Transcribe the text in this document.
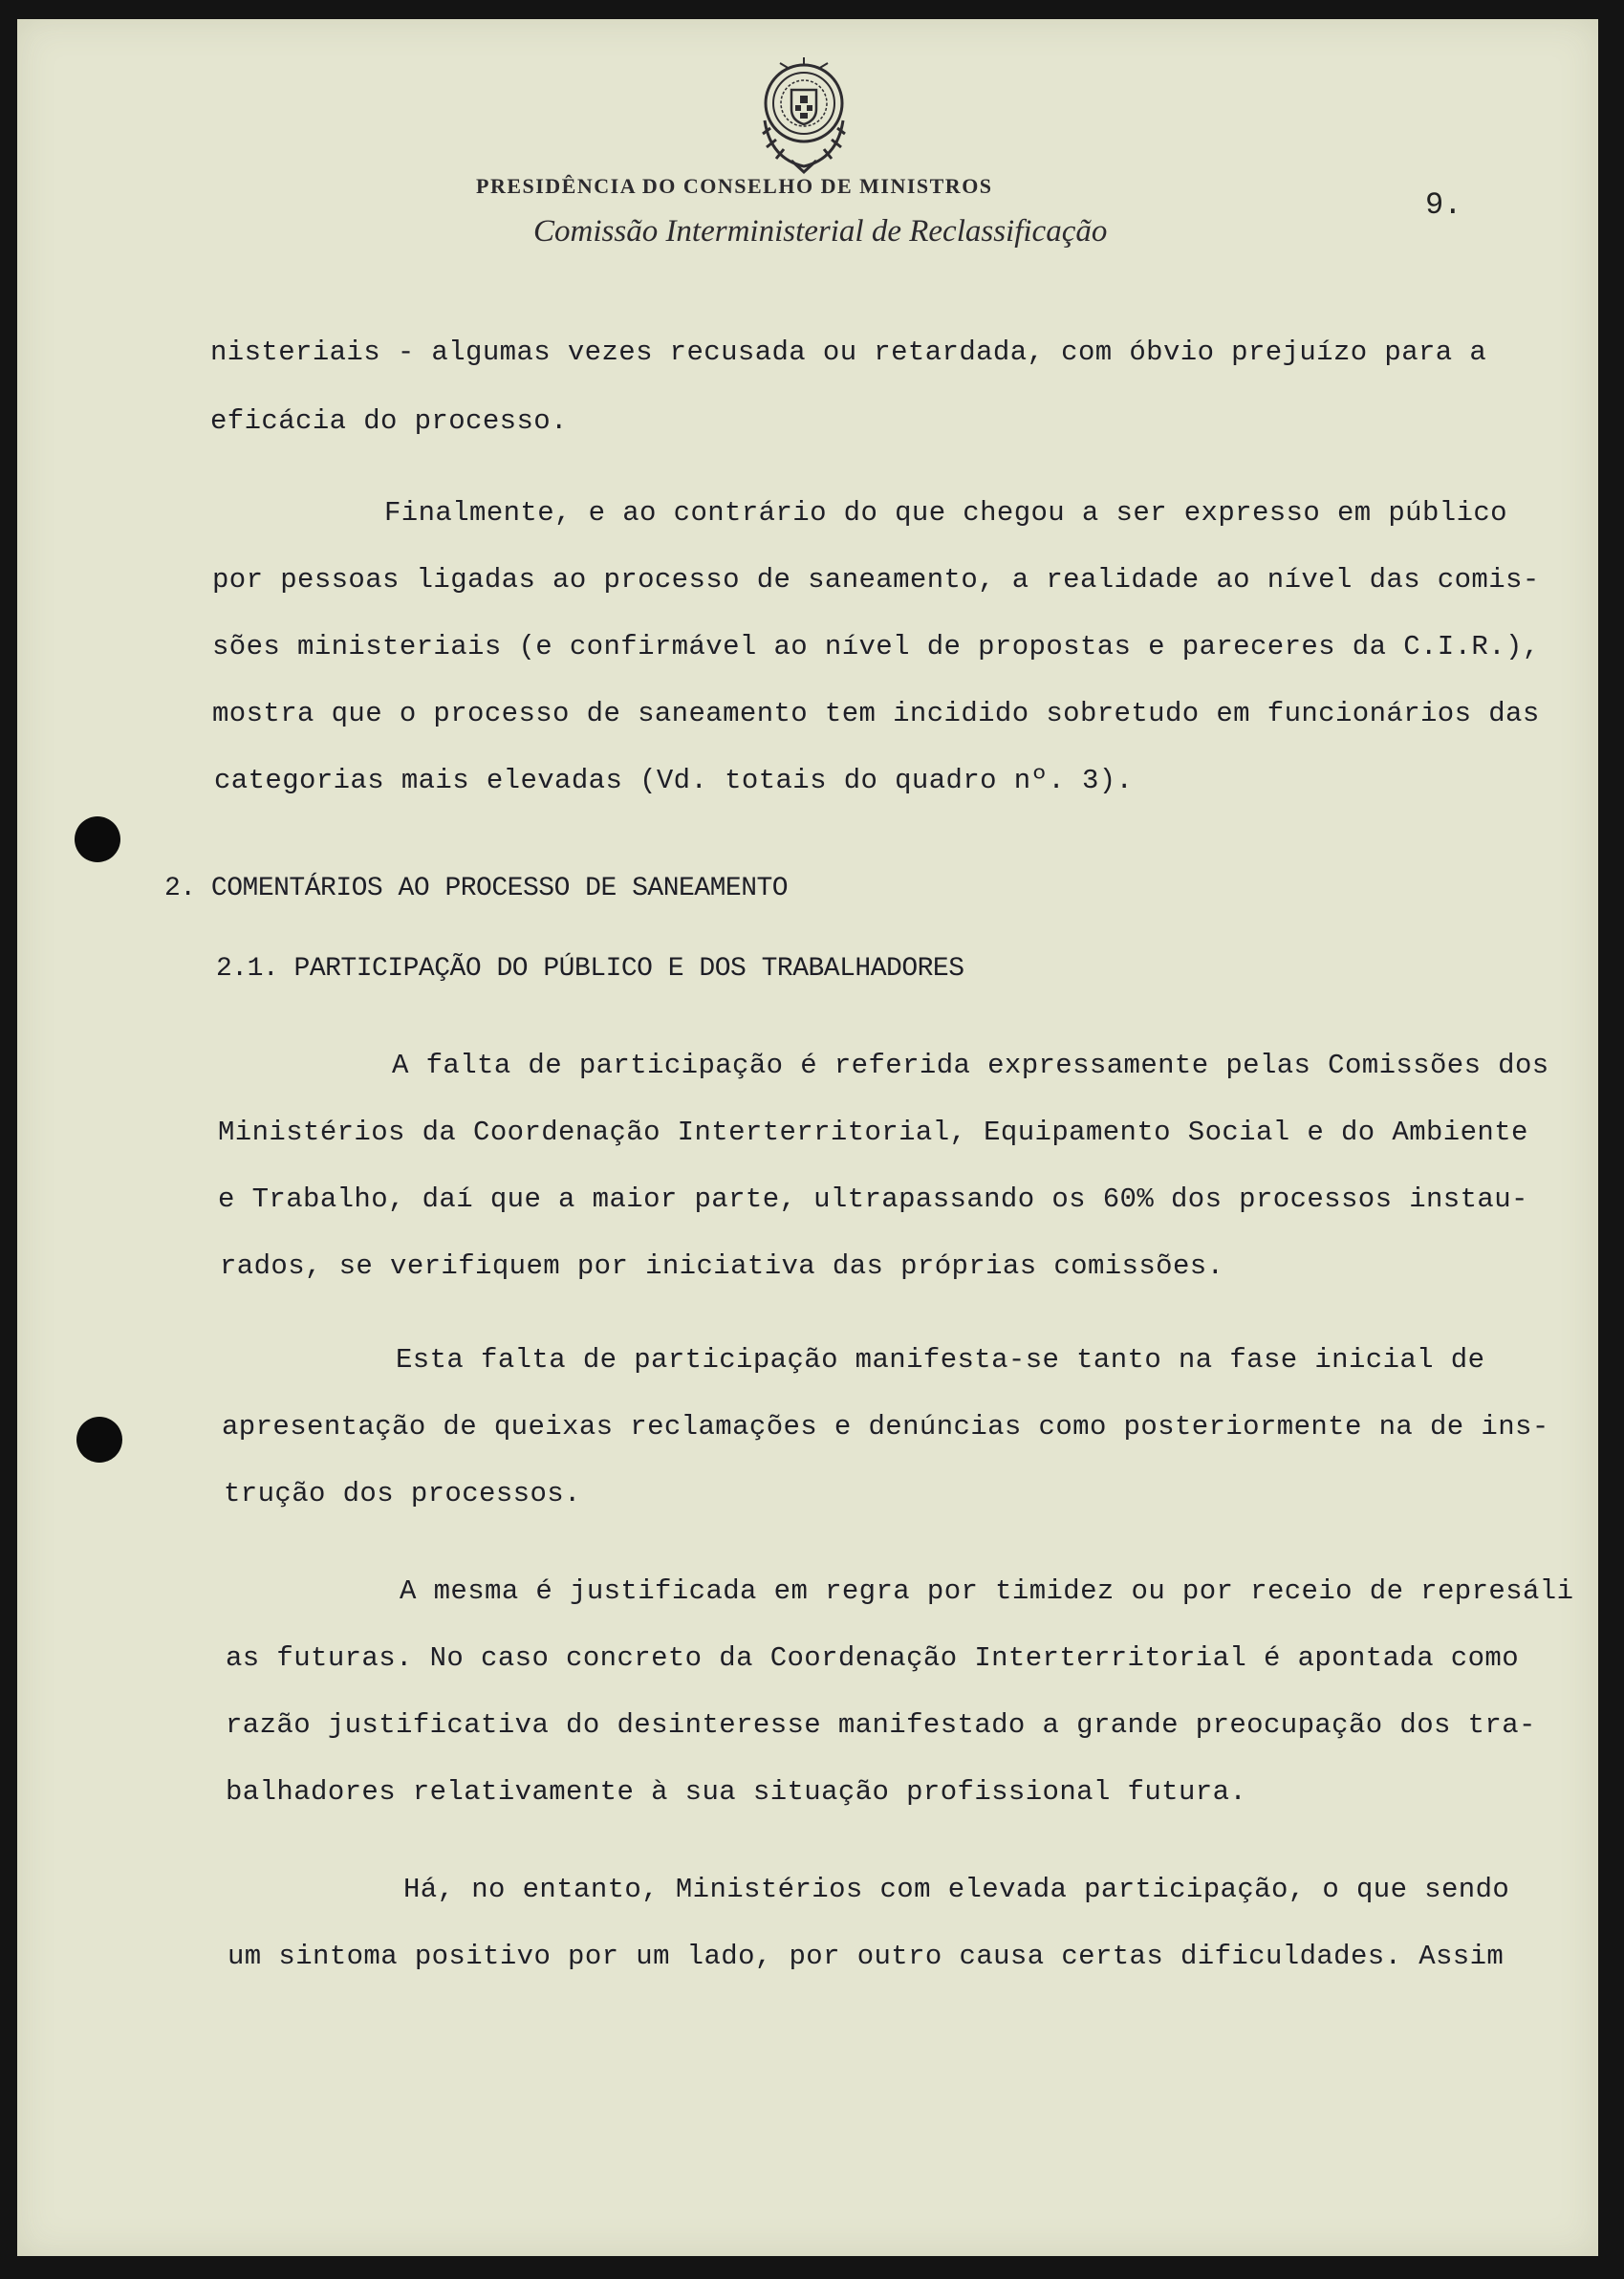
PRESIDÊNCIA DO CONSELHO DE MINISTROS
Comissão Interministerial de Reclassificação
9.
nisteriais - algumas vezes recusada ou retardada, com óbvio prejuízo para a
eficácia do processo.
Finalmente, e ao contrário do que chegou a ser expresso em público
por pessoas ligadas ao processo de saneamento, a realidade ao nível das comis-
sões ministeriais (e confirmável ao nível de propostas e pareceres da C.I.R.),
mostra que o processo de saneamento tem incidido sobretudo em funcionários das
categorias mais elevadas (Vd. totais do quadro nº. 3).
2. COMENTÁRIOS AO PROCESSO DE SANEAMENTO
2.1. PARTICIPAÇÃO DO PÚBLICO E DOS TRABALHADORES
A falta de participação é referida expressamente pelas Comissões dos
Ministérios da Coordenação Interterritorial, Equipamento Social e do Ambiente
e Trabalho, daí que a maior parte, ultrapassando os 60% dos processos instau-
rados, se verifiquem por iniciativa das próprias comissões.
Esta falta de participação manifesta-se tanto na fase inicial de
apresentação de queixas reclamações e denúncias como posteriormente na de ins-
trução dos processos.
A mesma é justificada em regra por timidez ou por receio de represáli
as futuras. No caso concreto da Coordenação Interterritorial é apontada como
razão justificativa do desinteresse manifestado a grande preocupação dos tra-
balhadores relativamente à sua situação profissional futura.
Há, no entanto, Ministérios com elevada participação, o que sendo
um sintoma positivo por um lado, por outro causa certas dificuldades. Assim
